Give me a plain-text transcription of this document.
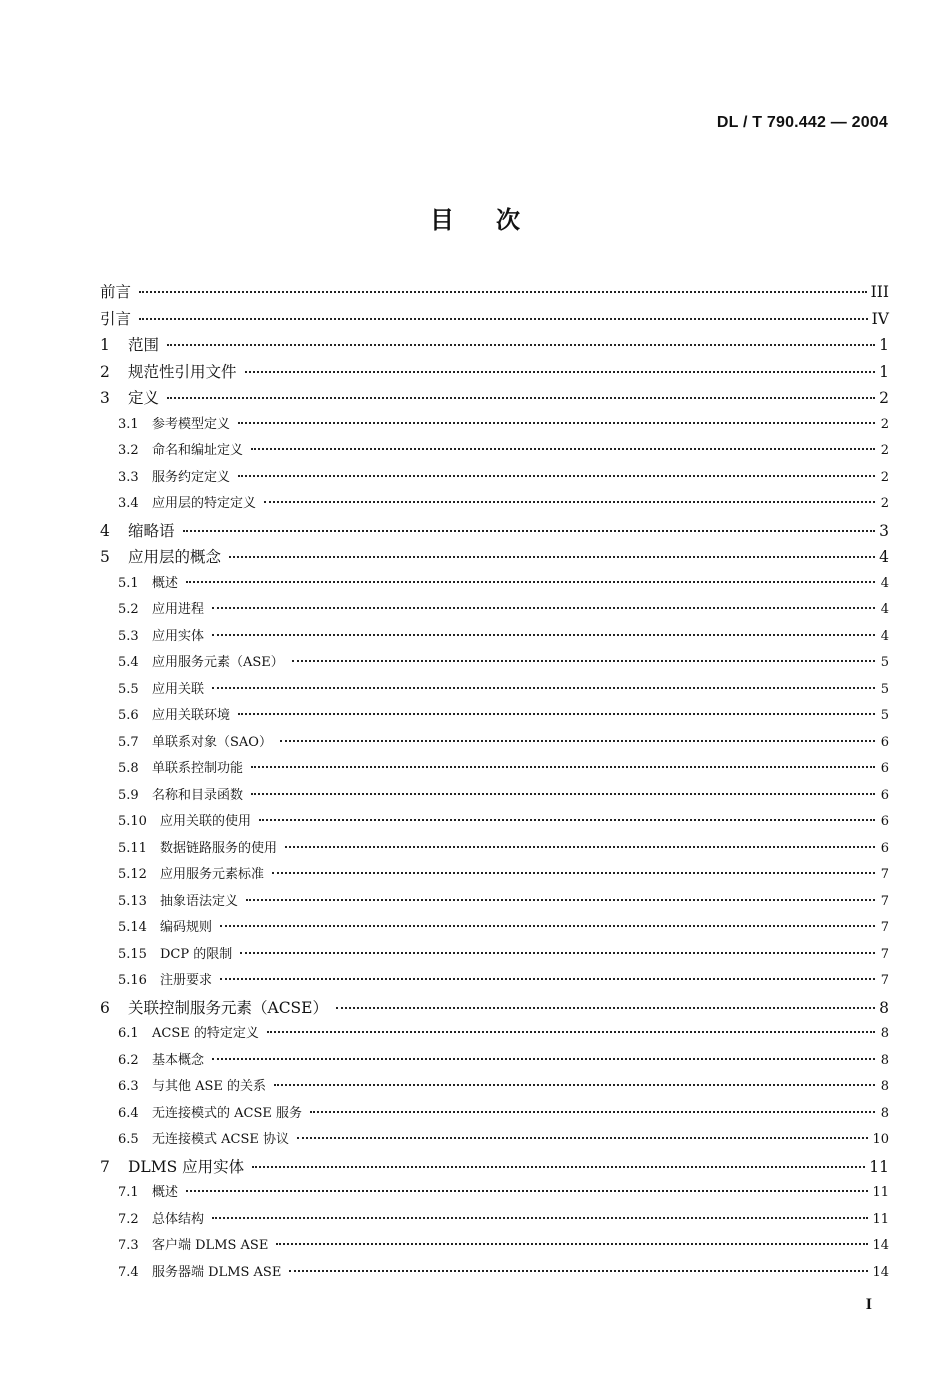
DL / T 790.442 — 2004
目次
前言	III
引言	IV
1	范围	1
2	规范性引用文件	1
3	定义	2
3.1	参考模型定义	2
3.2	命名和编址定义	2
3.3	服务约定定义	2
3.4	应用层的特定定义	2
4	缩略语	3
5	应用层的概念	4
5.1	概述	4
5.2	应用进程	4
5.3	应用实体	4
5.4	应用服务元素（ASE）	5
5.5	应用关联	5
5.6	应用关联环境	5
5.7	单联系对象（SAO）	6
5.8	单联系控制功能	6
5.9	名称和目录函数	6
5.10	应用关联的使用	6
5.11	数据链路服务的使用	6
5.12	应用服务元素标准	7
5.13	抽象语法定义	7
5.14	编码规则	7
5.15	DCP 的限制	7
5.16	注册要求	7
6	关联控制服务元素（ACSE）	8
6.1	ACSE 的特定定义	8
6.2	基本概念	8
6.3	与其他 ASE 的关系	8
6.4	无连接模式的 ACSE 服务	8
6.5	无连接模式 ACSE 协议	10
7	DLMS 应用实体	11
7.1	概述	11
7.2	总体结构	11
7.3	客户端 DLMS ASE	14
7.4	服务器端 DLMS ASE	14
I
